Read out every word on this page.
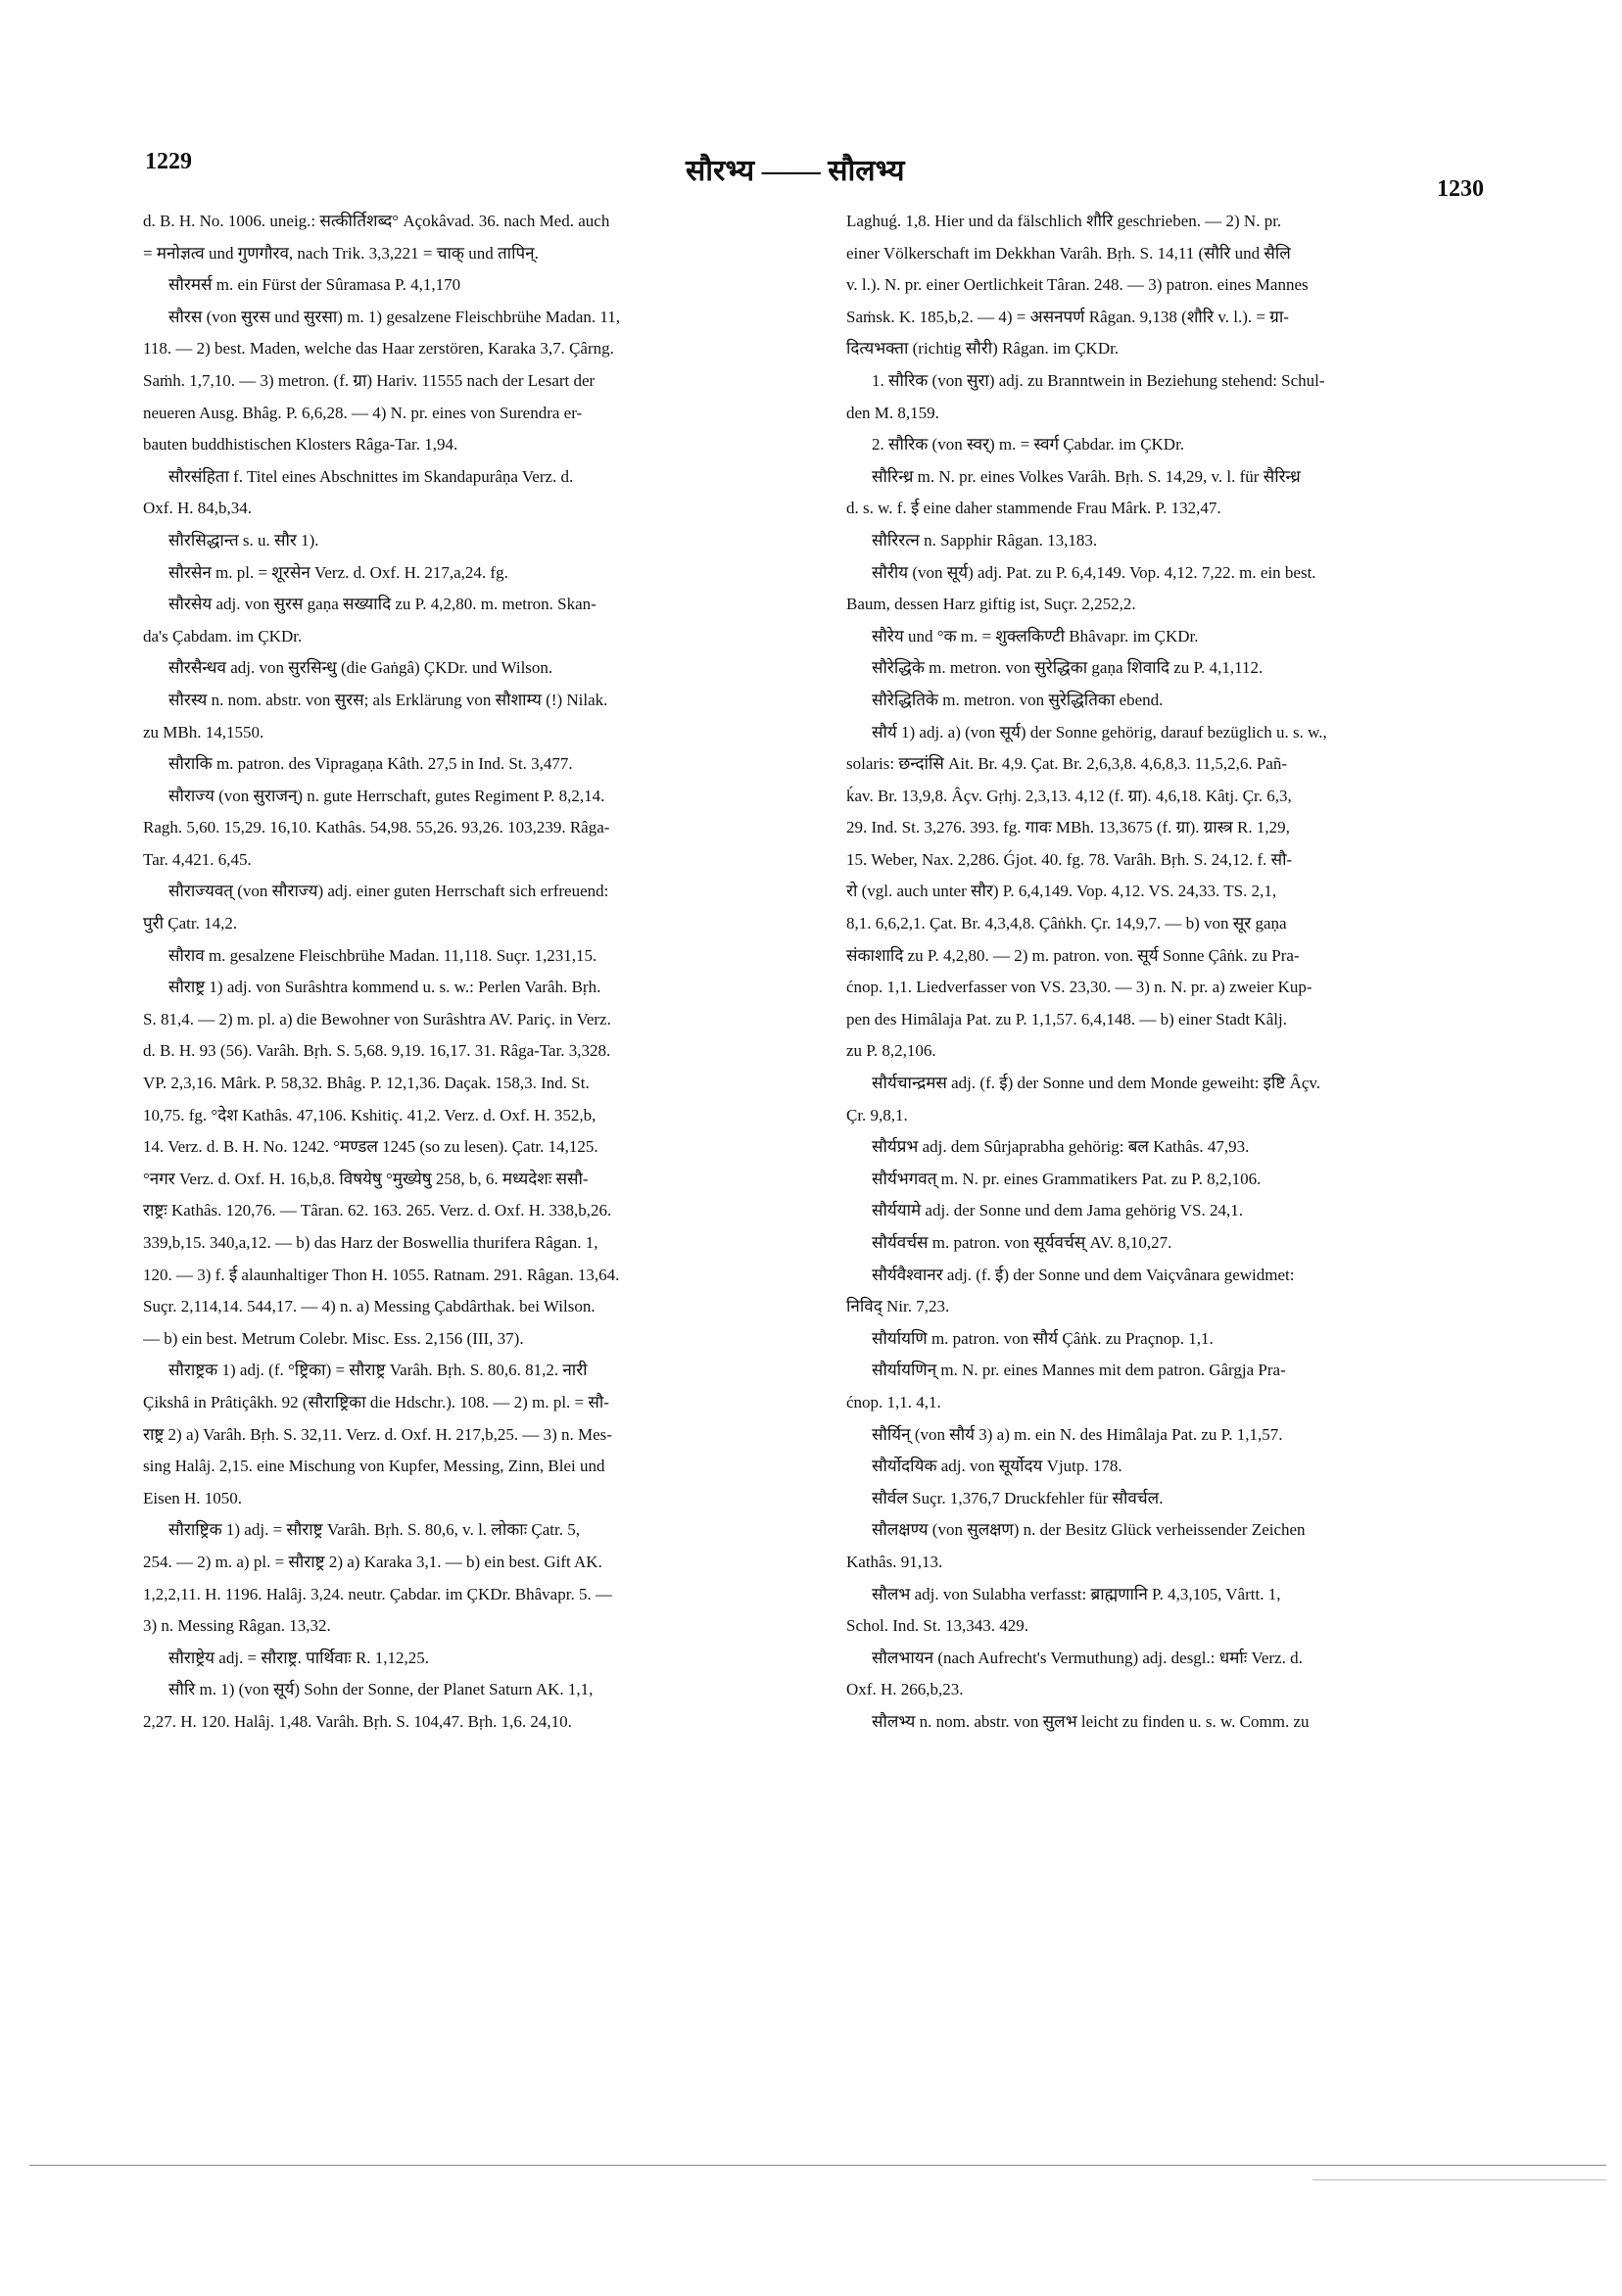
1229	सौरभ्य —— सौलभ्य
1230
d. B. H. No. 1006. uneig.: सत्कीर्तिशब्द° Açokâvad. 36. nach Med. auch
= मनोज्ञत्व und गुणगौरव, nach Trik. 3,3,221 = चाक् und तापिन्.
सौरमर्स m. ein Fürst der Sûramasa P. 4,1,170
सौरस (von सुरस und सुरसा) m. 1) gesalzene Fleischbrühe Madan. 11,
118. — 2) best. Maden, welche das Haar zerstören, Karaka 3,7. Çârng.
Saṁh. 1,7,10. — 3) metron. (f. ग्रा) Hariv. 11555 nach der Lesart der
neueren Ausg. Bhâg. P. 6,6,28. — 4) N. pr. eines von Surendra er-
bauten buddhistischen Klosters Râga-Tar. 1,94.
सौरसंहिता f. Titel eines Abschnittes im Skandapurâṇa Verz. d.
Oxf. H. 84,b,34.
सौरसिद्धान्त s. u. सौर 1).
सौरसेन m. pl. = शूरसेन Verz. d. Oxf. H. 217,a,24. fg.
सौरसेय adj. von सुरस gaṇa सख्यादि zu P. 4,2,80. m. metron. Skan-
da's Çabdam. im ÇKDr.
सौरसैन्धव adj. von सुरसिन्धु (die Gaṅgâ) ÇKDr. und Wilson.
सौरस्य n. nom. abstr. von सुरस; als Erklärung von सौशाम्य (!) Nilak.
zu MBh. 14,1550.
सौराकि m. patron. des Vipragaṇa Kâth. 27,5 in Ind. St. 3,477.
सौराज्य (von सुराजन्) n. gute Herrschaft, gutes Regiment P. 8,2,14.
Ragh. 5,60. 15,29. 16,10. Kathâs. 54,98. 55,26. 93,26. 103,239. Râga-
Tar. 4,421. 6,45.
सौराज्यवत् (von सौराज्य) adj. einer guten Herrschaft sich erfreuend:
पुरी Çatr. 14,2.
सौराव m. gesalzene Fleischbrühe Madan. 11,118. Suçr. 1,231,15.
सौराष्ट्र 1) adj. von Surâshtra kommend u. s. w.: Perlen Varâh. Bṛh.
S. 81,4. — 2) m. pl. a) die Bewohner von Surâshtra AV. Pariç. in Verz.
d. B. H. 93 (56). Varâh. Bṛh. S. 5,68. 9,19. 16,17. 31. Râga-Tar. 3,328.
VP. 2,3,16. Mârk. P. 58,32. Bhâg. P. 12,1,36. Daçak. 158,3. Ind. St.
10,75. fg. °देश Kathâs. 47,106. Kshitiç. 41,2. Verz. d. Oxf. H. 352,b,
14. Verz. d. B. H. No. 1242. °मण्डल 1245 (so zu lesen). Çatr. 14,125.
°नगर Verz. d. Oxf. H. 16,b,8. विषयेषु °मुख्येषु 258, b, 6. मध्यदेशः ससौ-
राष्ट्रः Kathâs. 120,76. — Târan. 62. 163. 265. Verz. d. Oxf. H. 338,b,26.
339,b,15. 340,a,12. — b) das Harz der Boswellia thurifera Râgan. 1,
120. — 3) f. ई alaunhaltiger Thon H. 1055. Ratnam. 291. Râgan. 13,64.
Suçr. 2,114,14. 544,17. — 4) n. a) Messing Çabdârthak. bei Wilson.
— b) ein best. Metrum Colebr. Misc. Ess. 2,156 (III, 37).
सौराष्ट्रक 1) adj. (f. °ष्ट्रिका) = सौराष्ट्र Varâh. Bṛh. S. 80,6. 81,2. नारी
Çikshâ in Prâtiçâkh. 92 (सौराष्ट्रिका die Hdschr.). 108. — 2) m. pl. = सौ-
राष्ट्र 2) a) Varâh. Bṛh. S. 32,11. Verz. d. Oxf. H. 217,b,25. — 3) n. Mes-
sing Halâj. 2,15. eine Mischung von Kupfer, Messing, Zinn, Blei und
Eisen H. 1050.
सौराष्ट्रिक 1) adj. = सौराष्ट्र Varâh. Bṛh. S. 80,6, v. l. लोकाः Çatr. 5,
254. — 2) m. a) pl. = सौराष्ट्र 2) a) Karaka 3,1. — b) ein best. Gift AK.
1,2,2,11. H. 1196. Halâj. 3,24. neutr. Çabdar. im ÇKDr. Bhâvapr. 5. —
3) n. Messing Râgan. 13,32.
सौराष्ट्रेय adj. = सौराष्ट्र. पार्थिवाः R. 1,12,25.
सौरि m. 1) (von सूर्य) Sohn der Sonne, der Planet Saturn AK. 1,1,
2,27. H. 120. Halâj. 1,48. Varâh. Bṛh. S. 104,47. Bṛh. 1,6. 24,10.
Laghuǵ. 1,8. Hier und da fälschlich शौरि geschrieben. — 2) N. pr.
einer Völkerschaft im Dekkhan Varâh. Bṛh. S. 14,11 (सौरि und सैलि
v. l.). N. pr. einer Oertlichkeit Târan. 248. — 3) patron. eines Mannes
Saṁsk. K. 185,b,2. — 4) = असनपर्ण Râgan. 9,138 (शौरि v. l.). = ग्रा-
दित्यभक्ता (richtig सौरी) Râgan. im ÇKDr.
1. सौरिक (von सुरा) adj. zu Branntwein in Beziehung stehend: Schul-
den M. 8,159.
2. सौरिक (von स्वर्) m. = स्वर्ग Çabdar. im ÇKDr.
सौरिन्ध्र m. N. pr. eines Volkes Varâh. Bṛh. S. 14,29, v. l. für सैरिन्ध्र
d. s. w. f. ई eine daher stammende Frau Mârk. P. 132,47.
सौरिरत्न n. Sapphir Râgan. 13,183.
सौरीय (von सूर्य) adj. Pat. zu P. 6,4,149. Vop. 4,12. 7,22. m. ein best.
Baum, dessen Harz giftig ist, Suçr. 2,252,2.
सौरेय und °क m. = शुक्लकिण्टी Bhâvapr. im ÇKDr.
सौरेद्धिके m. metron. von सुरेद्धिका gaṇa शिवादि zu P. 4,1,112.
सौरेद्धितिके m. metron. von सुरेद्धितिका ebend.
सौर्य 1) adj. a) (von सूर्य) der Sonne gehörig, darauf bezüglich u. s. w.,
solaris: छन्दांसि Ait. Br. 4,9. Çat. Br. 2,6,3,8. 4,6,8,3. 11,5,2,6. Pañ-
ḱav. Br. 13,9,8. Âçv. Gṛhj. 2,3,13. 4,12 (f. ग्रा). 4,6,18. Kâtj. Çr. 6,3,
29. Ind. St. 3,276. 393. fg. गावः MBh. 13,3675 (f. ग्रा). ग्रास्त्र R. 1,29,
15. Weber, Nax. 2,286. Ǵjot. 40. fg. 78. Varâh. Bṛh. S. 24,12. f. सौ-
रो (vgl. auch unter सौर) P. 6,4,149. Vop. 4,12. VS. 24,33. TS. 2,1,
8,1. 6,6,2,1. Çat. Br. 4,3,4,8. Çâṅkh. Çr. 14,9,7. — b) von सूर gaṇa
संकाशादि zu P. 4,2,80. — 2) m. patron. von. सूर्य Sonne Çâṅk. zu Pra-
ćnop. 1,1. Liedverfasser von VS. 23,30. — 3) n. N. pr. a) zweier Kup-
pen des Himâlaja Pat. zu P. 1,1,57. 6,4,148. — b) einer Stadt Kâlj.
zu P. 8,2,106.
सौर्यचान्द्रमस adj. (f. ई) der Sonne und dem Monde geweiht: इष्टि Âçv.
Çr. 9,8,1.
सौर्यप्रभ adj. dem Sûrjaprabha gehörig: बल Kathâs. 47,93.
सौर्यभगवत् m. N. pr. eines Grammatikers Pat. zu P. 8,2,106.
सौर्ययामे adj. der Sonne und dem Jama gehörig VS. 24,1.
सौर्यवर्चस m. patron. von सूर्यवर्चस् AV. 8,10,27.
सौर्यवैश्वानर adj. (f. ई) der Sonne und dem Vaiçvânara gewidmet:
निविद् Nir. 7,23.
सौर्यायणि m. patron. von सौर्य Çâṅk. zu Praçnop. 1,1.
सौर्यायणिन् m. N. pr. eines Mannes mit dem patron. Gârgja Pra-
ćnop. 1,1. 4,1.
सौर्यिन् (von सौर्य 3) a) m. ein N. des Himâlaja Pat. zu P. 1,1,57.
सौर्योदयिक adj. von सूर्योदय Vjutp. 178.
सौर्वल Suçr. 1,376,7 Druckfehler für सौवर्चल.
सौलक्षण्य (von सुलक्षण) n. der Besitz Glück verheissender Zeichen
Kathâs. 91,13.
सौलभ adj. von Sulabha verfasst: ब्राह्मणानि P. 4,3,105, Vârtt. 1,
Schol. Ind. St. 13,343. 429.
सौलभायन (nach Aufrecht's Vermuthung) adj. desgl.: धर्माः Verz. d.
Oxf. H. 266,b,23.
सौलभ्य n. nom. abstr. von सुलभ leicht zu finden u. s. w. Comm. zu
